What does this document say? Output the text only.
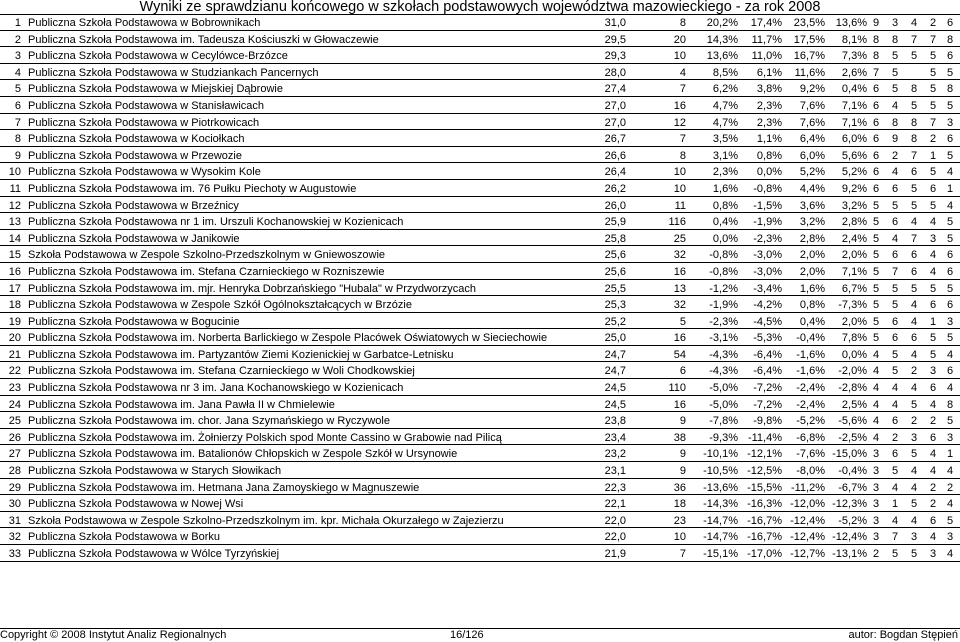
Wyniki ze sprawdzianu końcowego w szkołach podstawowych województwa mazowieckiego - za rok 2008
1 Publiczna Szkoła Podstawowa w Bobrownikach	31,0	8	20,2%	17,4%	23,5% 13,6% 9 3 4 2 6
2 Publiczna Szkoła Podstawowa im. Tadeusza Kościuszki w Głowaczewie	29,5	20	14,3%	11,7%	17,5%	8,1% 8 8 7 7 8
3 Publiczna Szkoła Podstawowa w Cecylówce-Brzózce	29,3	10	13,6%	11,0%	16,7%	7,3% 8 5 5 5 6
4 Publiczna Szkoła Podstawowa w Studziankach Pancernych	28,0	4	8,5%	6,1%	11,6%	2,6% 7 5	5 5
5 Publiczna Szkoła Podstawowa w Miejskiej Dąbrowie	27,4	7	6,2%	3,8%	9,2%	0,4% 6 5 8 5 8
6 Publiczna Szkoła Podstawowa w Stanisławicach	27,0	16	4,7%	2,3%	7,6%	7,1% 6 4 5 5 5
7 Publiczna Szkoła Podstawowa w Piotrkowicach	27,0	12	4,7%	2,3%	7,6%	7,1% 6 8 8 7 3
8 Publiczna Szkoła Podstawowa w Kociołkach	26,7	7	3,5%	1,1%	6,4%	6,0% 6 9 8 2 6
9 Publiczna Szkoła Podstawowa w Przewozie	26,6	8	3,1%	0,8%	6,0%	5,6% 6 2 7 1 5
10 Publiczna Szkoła Podstawowa w Wysokim Kole	26,4	10	2,3%	0,0%	5,2%	5,2% 6 4 6 5 4
11 Publiczna Szkoła Podstawowa im. 76 Pułku Piechoty w Augustowie	26,2	10	1,6%	-0,8%	4,4%	9,2% 6 6 5 6 1
12 Publiczna Szkoła Podstawowa w Brzeźnicy	26,0	11	0,8%	-1,5%	3,6%	3,2% 5 5 5 5 4
13 Publiczna Szkoła Podstawowa nr 1 im. Urszuli Kochanowskiej w Kozienicach	25,9	116	0,4%	-1,9%	3,2%	2,8% 5 6 4 4 5
14 Publiczna Szkoła Podstawowa w Janikowie	25,8	25	0,0%	-2,3%	2,8%	2,4% 5 4 7 3 5
15 Szkoła Podstawowa w Zespole Szkolno-Przedszkolnym w Gniewoszowie	25,6	32	-0,8%	-3,0%	2,0%	2,0% 5 6 6 4 6
16 Publiczna Szkoła Podstawowa im. Stefana Czarnieckiego w Rozniszewie	25,6	16	-0,8%	-3,0%	2,0%	7,1% 5 7 6 4 6
17 Publiczna Szkoła Podstawowa im. mjr. Henryka Dobrzańskiego "Hubala" w Przydworzycach	25,5	13	-1,2%	-3,4%	1,6%	6,7% 5 5 5 5 5
18 Publiczna Szkoła Podstawowa w Zespole Szkół Ogólnokształcących w Brzózie	25,3	32	-1,9%	-4,2%	0,8%	-7,3% 5 5 4 6 6
19 Publiczna Szkoła Podstawowa w Bogucinie	25,2	5	-2,3%	-4,5%	0,4%	2,0% 5 6 4 1 3
20 Publiczna Szkoła Podstawowa im. Norberta Barlickiego w Zespole Placówek Oświatowych w Sieciechowie	25,0	16	-3,1%	-5,3%	-0,4%	7,8% 5 6 6 5 5
21 Publiczna Szkoła Podstawowa im. Partyzantów Ziemi Kozienickiej w Garbatce-Letnisku	24,7	54	-4,3%	-6,4%	-1,6%	0,0% 4 5 4 5 4
22 Publiczna Szkoła Podstawowa im. Stefana Czarnieckiego w Woli Chodkowskiej	24,7	6	-4,3%	-6,4%	-1,6%	-2,0% 4 5 2 3 6
23 Publiczna Szkoła Podstawowa nr 3 im. Jana Kochanowskiego w Kozienicach	24,5	110	-5,0%	-7,2%	-2,4%	-2,8% 4 4 4 6 4
24 Publiczna Szkoła Podstawowa im. Jana Pawła II w Chmielewie	24,5	16	-5,0%	-7,2%	-2,4%	2,5% 4 4 5 4 8
25 Publiczna Szkoła Podstawowa im. chor. Jana Szymańskiego w Ryczywole	23,8	9	-7,8%	-9,8%	-5,2%	-5,6% 4 6 2 2 5
26 Publiczna Szkoła Podstawowa im. Żołnierzy Polskich spod Monte Cassino w Grabowie nad Pilicą	23,4	38	-9,3% -11,4%	-6,8%	-2,5% 4 2 3 6 3
27 Publiczna Szkoła Podstawowa im. Batalionów Chłopskich w Zespole Szkół w Ursynowie	23,2	9 -10,1% -12,1%	-7,6% -15,0% 3 6 5 4 1
28 Publiczna Szkoła Podstawowa w Starych Słowikach	23,1	9 -10,5% -12,5%	-8,0%	-0,4% 3 5 4 4 4
29 Publiczna Szkoła Podstawowa im. Hetmana Jana Zamoyskiego w Magnuszewie	22,3	36 -13,6% -15,5% -11,2%	-6,7% 3 4 4 2 2
30 Publiczna Szkoła Podstawowa w Nowej Wsi	22,1	18 -14,3% -16,3% -12,0% -12,3% 3 1 5 2 4
31 Szkoła Podstawowa w Zespole Szkolno-Przedszkolnym im. kpr. Michała Okurzałego w Zajezierzu	22,0	23 -14,7% -16,7% -12,4%	-5,2% 3 4 4 6 5
32 Publiczna Szkoła Podstawowa w Borku	22,0	10 -14,7% -16,7% -12,4% -12,4% 3 7 3 4 3
33 Publiczna Szkoła Podstawowa w Wólce Tyrzyńskiej	21,9	7 -15,1% -17,0% -12,7% -13,1% 2 5 5 3 4
Copyright © 2008 Instytut Analiz Regionalnych	16/126	autor: Bogdan Stępień
